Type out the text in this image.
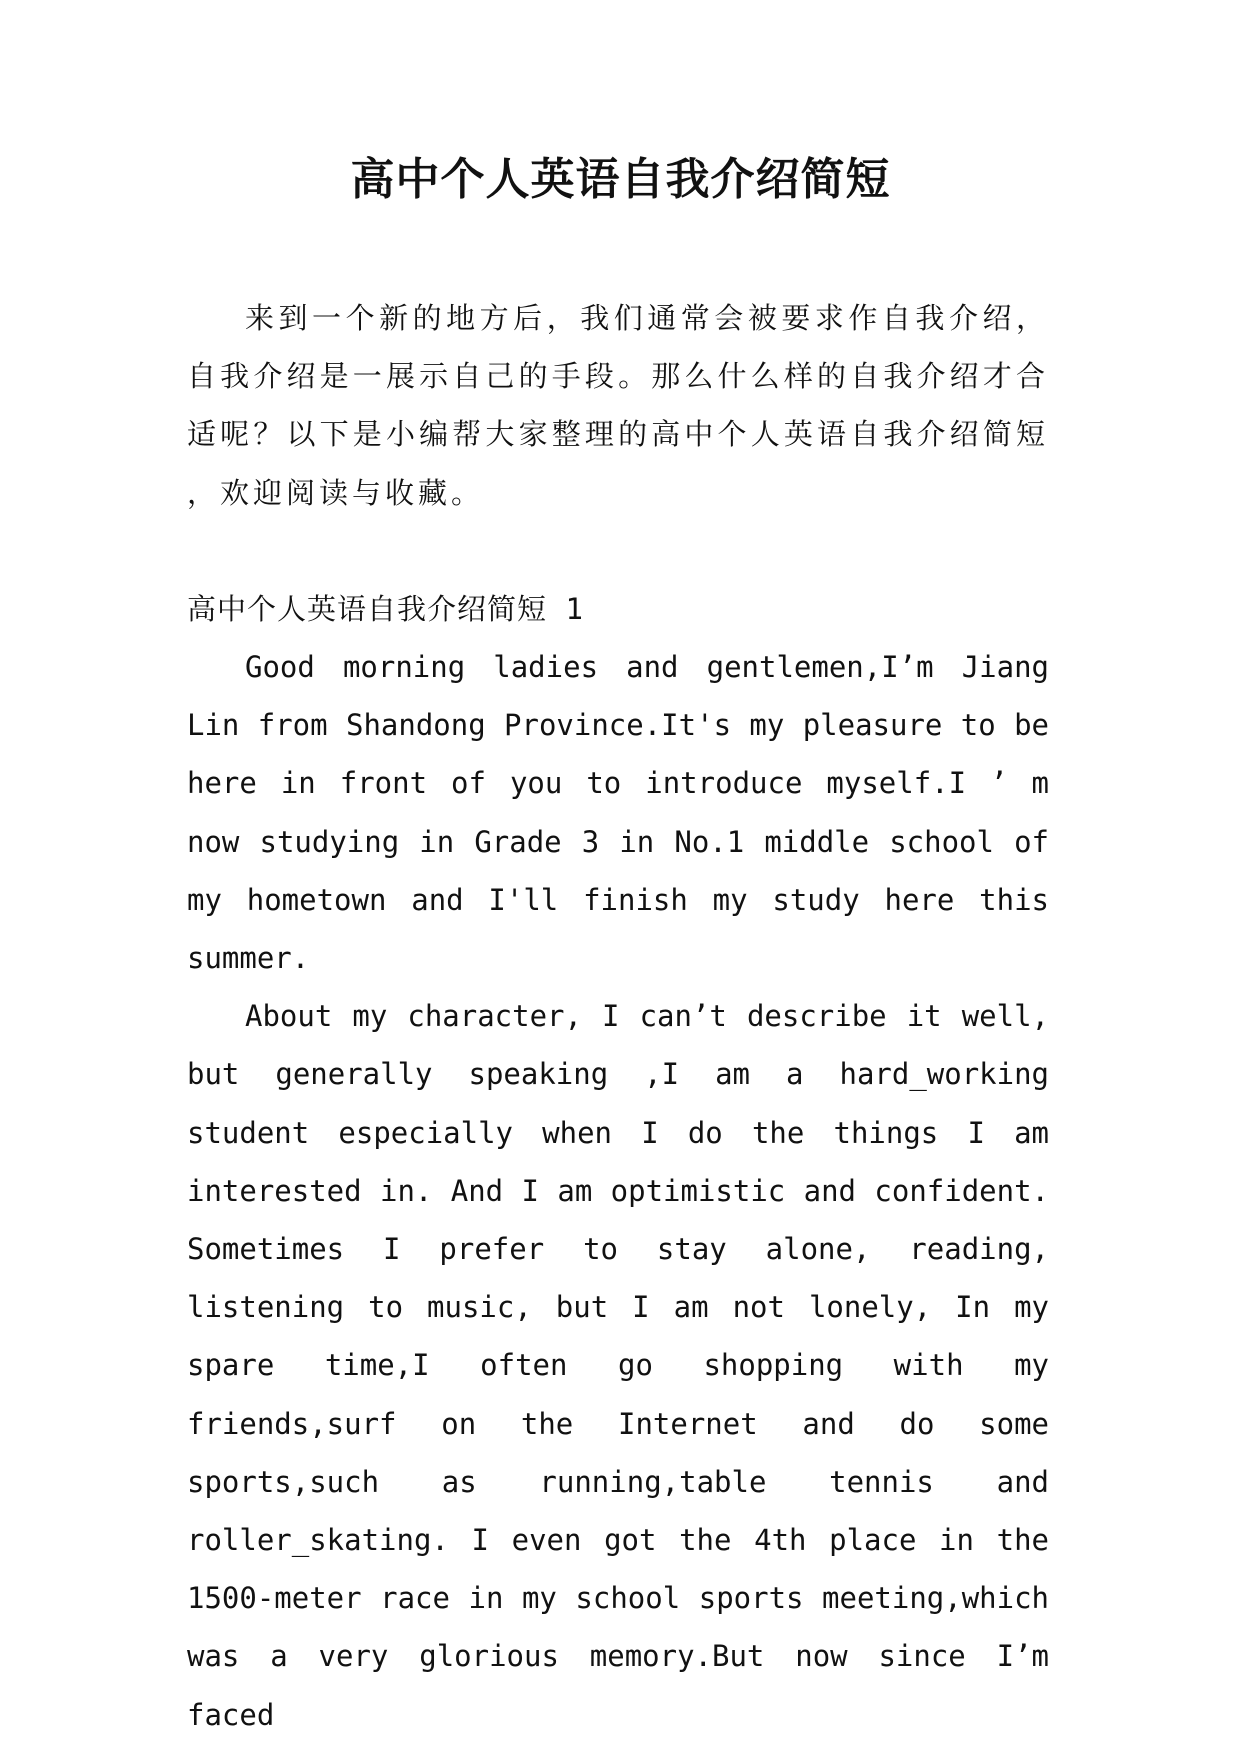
高中个人英语自我介绍简短

来到一个新的地方后，我们通常会被要求作自我介绍，自我介绍是一展示自己的手段。那么什么样的自我介绍才合适呢？以下是小编帮大家整理的高中个人英语自我介绍简短，欢迎阅读与收藏。

高中个人英语自我介绍简短 1

Good morning ladies and gentlemen,I’m Jiang Lin from Shandong Province.It's my pleasure to be here in front of you to introduce myself.I ’ m now studying in Grade 3 in No.1 middle school of my hometown and I'll finish my study here this summer.

About my character, I can’t describe it well, but generally speaking ,I am a hard_working student especially when I do the things I am interested in. And I am optimistic and confident. Sometimes I prefer to stay alone, reading, listening to music, but I am not lonely, In my spare time,I often go shopping with my friends,surf on the Internet and do some sports,such as running,table tennis and roller_skating. I even got the 4th place in the 1500-meter race in my school sports meeting,which was a very glorious memory.But now since I’m faced
